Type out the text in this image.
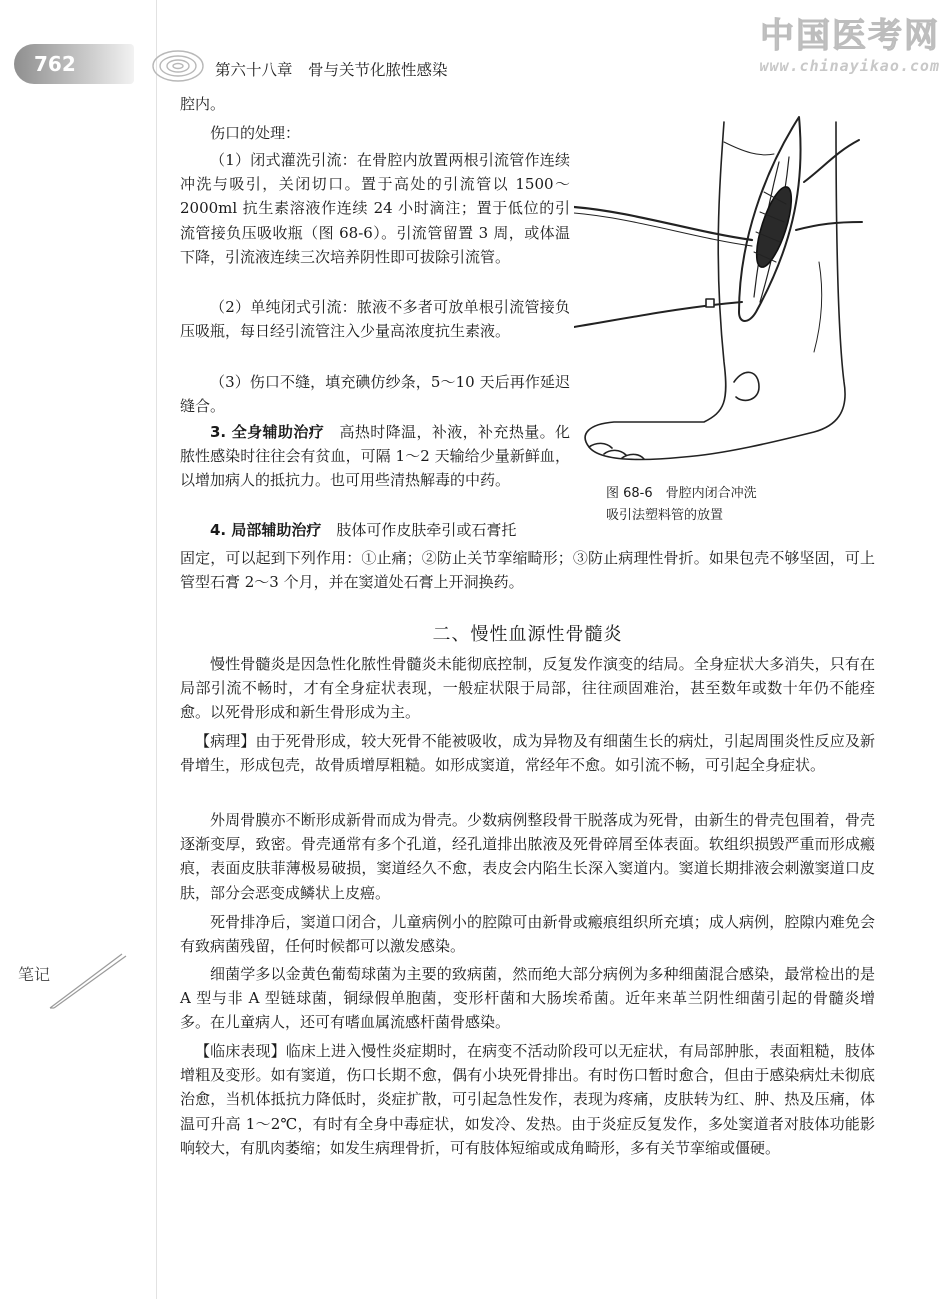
762	第六十八章　骨与关节化脓性感染
中国医考网
www.chinayikao.com

腔内。

伤口的处理：

（1）闭式灌洗引流：在骨腔内放置两根引流管作连续冲洗与吸引，关闭切口。置于高处的引流管以 1500～2000ml 抗生素溶液作连续 24 小时滴注；置于低位的引流管接负压吸收瓶（图 68-6）。引流管留置 3 周，或体温下降，引流液连续三次培养阴性即可拔除引流管。

（2）单纯闭式引流：脓液不多者可放单根引流管接负压吸瓶，每日经引流管注入少量高浓度抗生素液。

（3）伤口不缝，填充碘仿纱条，5～10 天后再作延迟缝合。

3. 全身辅助治疗　 高热时降温，补液，补充热量。化脓性感染时往往会有贫血，可隔 1～2 天输给少量新鲜血，以增加病人的抵抗力。也可用些清热解毒的中药。

4. 局部辅助治疗　 肢体可作皮肤牵引或石膏托

固定，可以起到下列作用：①止痛；②防止关节挛缩畸形；③防止病理性骨折。如果包壳不够坚固，可上管型石膏 2～3 个月，并在窦道处石膏上开洞换药。

图 68-6　骨腔内闭合冲洗
吸引法塑料管的放置
二、慢性血源性骨髓炎

慢性骨髓炎是因急性化脓性骨髓炎未能彻底控制，反复发作演变的结局。全身症状大多消失，只有在局部引流不畅时，才有全身症状表现，一般症状限于局部，往往顽固难治，甚至数年或数十年仍不能痊愈。以死骨形成和新生骨形成为主。

【病理】由于死骨形成，较大死骨不能被吸收，成为异物及有细菌生长的病灶，引起周围炎性反应及新骨增生，形成包壳，故骨质增厚粗糙。如形成窦道，常经年不愈。如引流不畅，可引起全身症状。

外周骨膜亦不断形成新骨而成为骨壳。少数病例整段骨干脱落成为死骨，由新生的骨壳包围着，骨壳逐渐变厚，致密。骨壳通常有多个孔道，经孔道排出脓液及死骨碎屑至体表面。软组织损毁严重而形成瘢痕，表面皮肤菲薄极易破损，窦道经久不愈，表皮会内陷生长深入窦道内。窦道长期排液会刺激窦道口皮肤，部分会恶变成鳞状上皮癌。

死骨排净后，窦道口闭合，儿童病例小的腔隙可由新骨或瘢痕组织所充填；成人病例，腔隙内难免会有致病菌残留，任何时候都可以激发感染。

细菌学多以金黄色葡萄球菌为主要的致病菌，然而绝大部分病例为多种细菌混合感染，最常检出的是 A 型与非 A 型链球菌，铜绿假单胞菌，变形杆菌和大肠埃希菌。近年来革兰阴性细菌引起的骨髓炎增多。在儿童病人，还可有嗜血属流感杆菌骨感染。

【临床表现】临床上进入慢性炎症期时，在病变不活动阶段可以无症状，有局部肿胀，表面粗糙，肢体增粗及变形。如有窦道，伤口长期不愈，偶有小块死骨排出。有时伤口暂时愈合，但由于感染病灶未彻底治愈，当机体抵抗力降低时，炎症扩散，可引起急性发作，表现为疼痛，皮肤转为红、肿、热及压痛，体温可升高 1～2℃，有时有全身中毒症状，如发冷、发热。由于炎症反复发作，多处窦道者对肢体功能影响较大，有肌肉萎缩；如发生病理骨折，可有肢体短缩或成角畸形，多有关节挛缩或僵硬。

笔记
